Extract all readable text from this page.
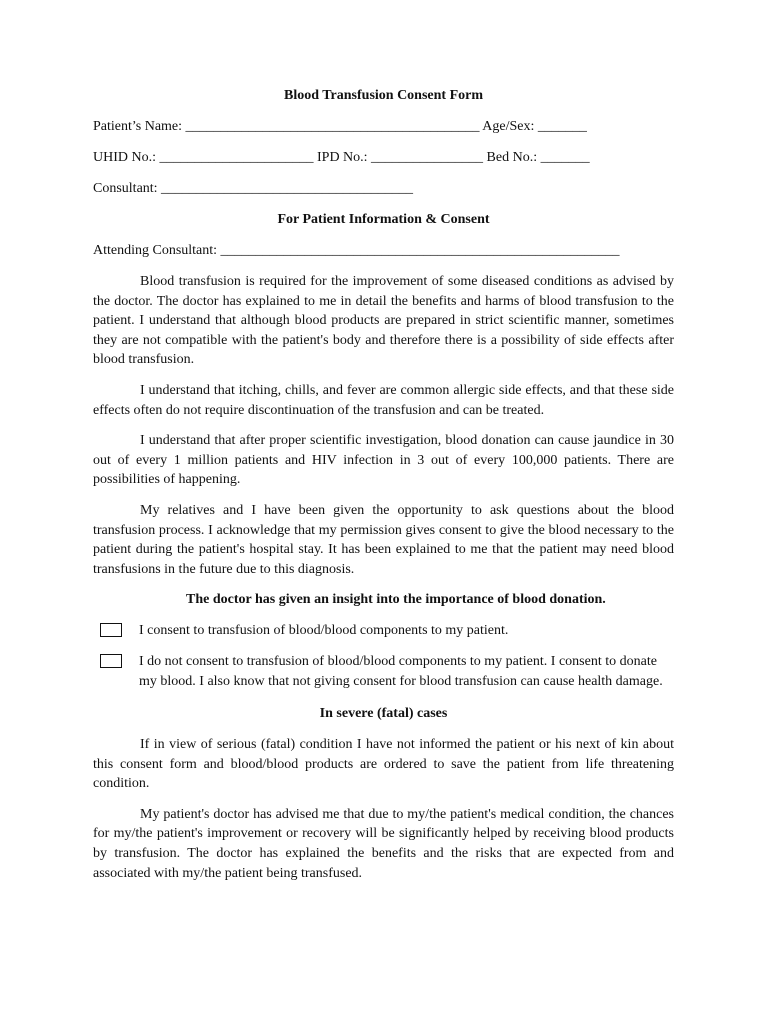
Blood Transfusion Consent Form

Patient’s Name: __________________________________________ Age/Sex: _______

UHID No.: ______________________ IPD No.: ________________ Bed No.: _______

Consultant: ____________________________________

For Patient Information & Consent

Attending Consultant: _________________________________________________________

Blood transfusion is required for the improvement of some diseased conditions as advised by the doctor. The doctor has explained to me in detail the benefits and harms of blood transfusion to the patient. I understand that although blood products are prepared in strict scientific manner, sometimes they are not compatible with the patient's body and therefore there is a possibility of side effects after blood transfusion.

I understand that itching, chills, and fever are common allergic side effects, and that these side effects often do not require discontinuation of the transfusion and can be treated.

I understand that after proper scientific investigation, blood donation can cause jaundice in 30 out of every 1 million patients and HIV infection in 3 out of every 100,000 patients. There are possibilities of happening.

My relatives and I have been given the opportunity to ask questions about the blood transfusion process. I acknowledge that my permission gives consent to give the blood necessary to the patient during the patient's hospital stay. It has been explained to me that the patient may need blood transfusions in the future due to this diagnosis.

The doctor has given an insight into the importance of blood donation.

I consent to transfusion of blood/blood components to my patient.
I do not consent to transfusion of blood/blood components to my patient. I consent to donate my blood. I also know that not giving consent for blood transfusion can cause health damage.

In severe (fatal) cases

If in view of serious (fatal) condition I have not informed the patient or his next of kin about this consent form and blood/blood products are ordered to save the patient from life threatening condition.

My patient's doctor has advised me that due to my/the patient's medical condition, the chances for my/the patient's improvement or recovery will be significantly helped by receiving blood products by transfusion. The doctor has explained the benefits and the risks that are expected from and associated with my/the patient being transfused.
